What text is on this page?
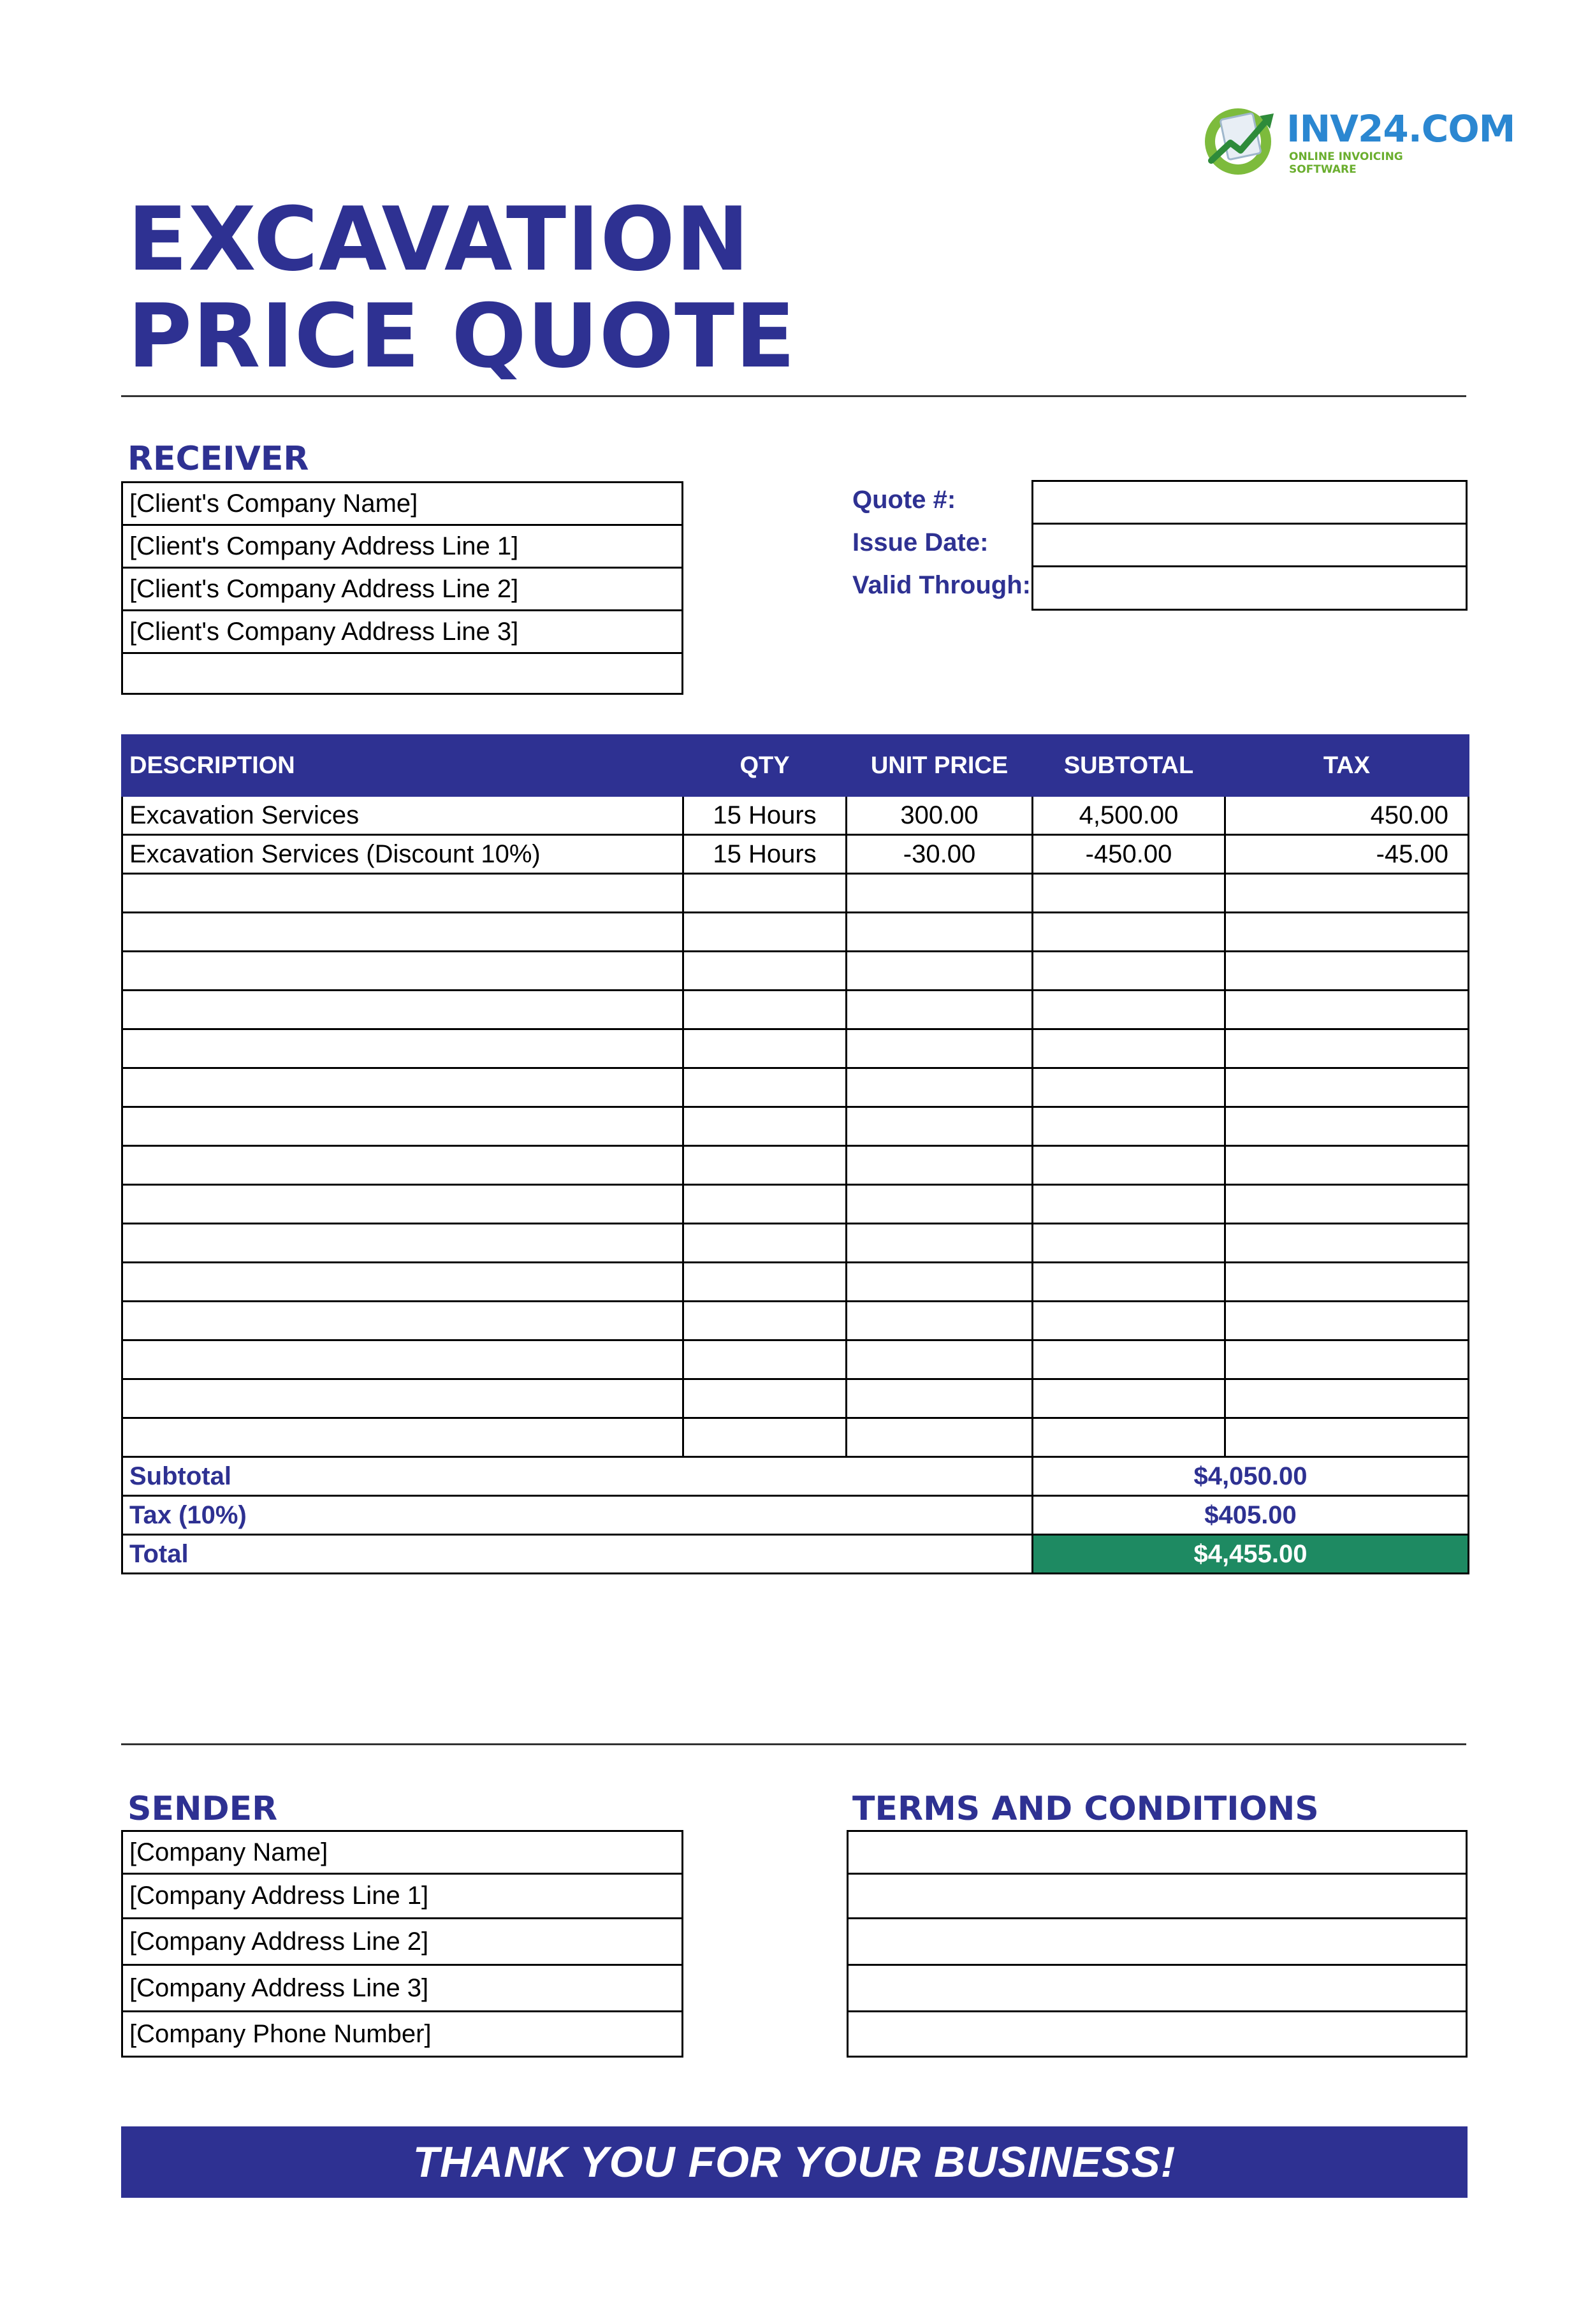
INV24.COM
ONLINE INVOICING SOFTWARE
EXCAVATION
PRICE QUOTE
RECEIVER
[Client's Company Name]
[Client's Company Address Line 1]
[Client's Company Address Line 2]
[Client's Company Address Line 3]
Quote #:
Issue Date:
Valid Through:
DESCRIPTION	QTY	UNIT PRICE	SUBTOTAL	TAX
Excavation Services	15 Hours	300.00	4,500.00	450.00
Excavation Services (Discount 10%)	15 Hours	-30.00	-450.00	-45.00

Subtotal			$4,050.00	
Tax (10%)			$405.00	
Total			$4,455.00	
SENDER
[Company Name]
[Company Address Line 1]
[Company Address Line 2]
[Company Address Line 3]
[Company Phone Number]
TERMS AND CONDITIONS
THANK YOU FOR YOUR BUSINESS!
